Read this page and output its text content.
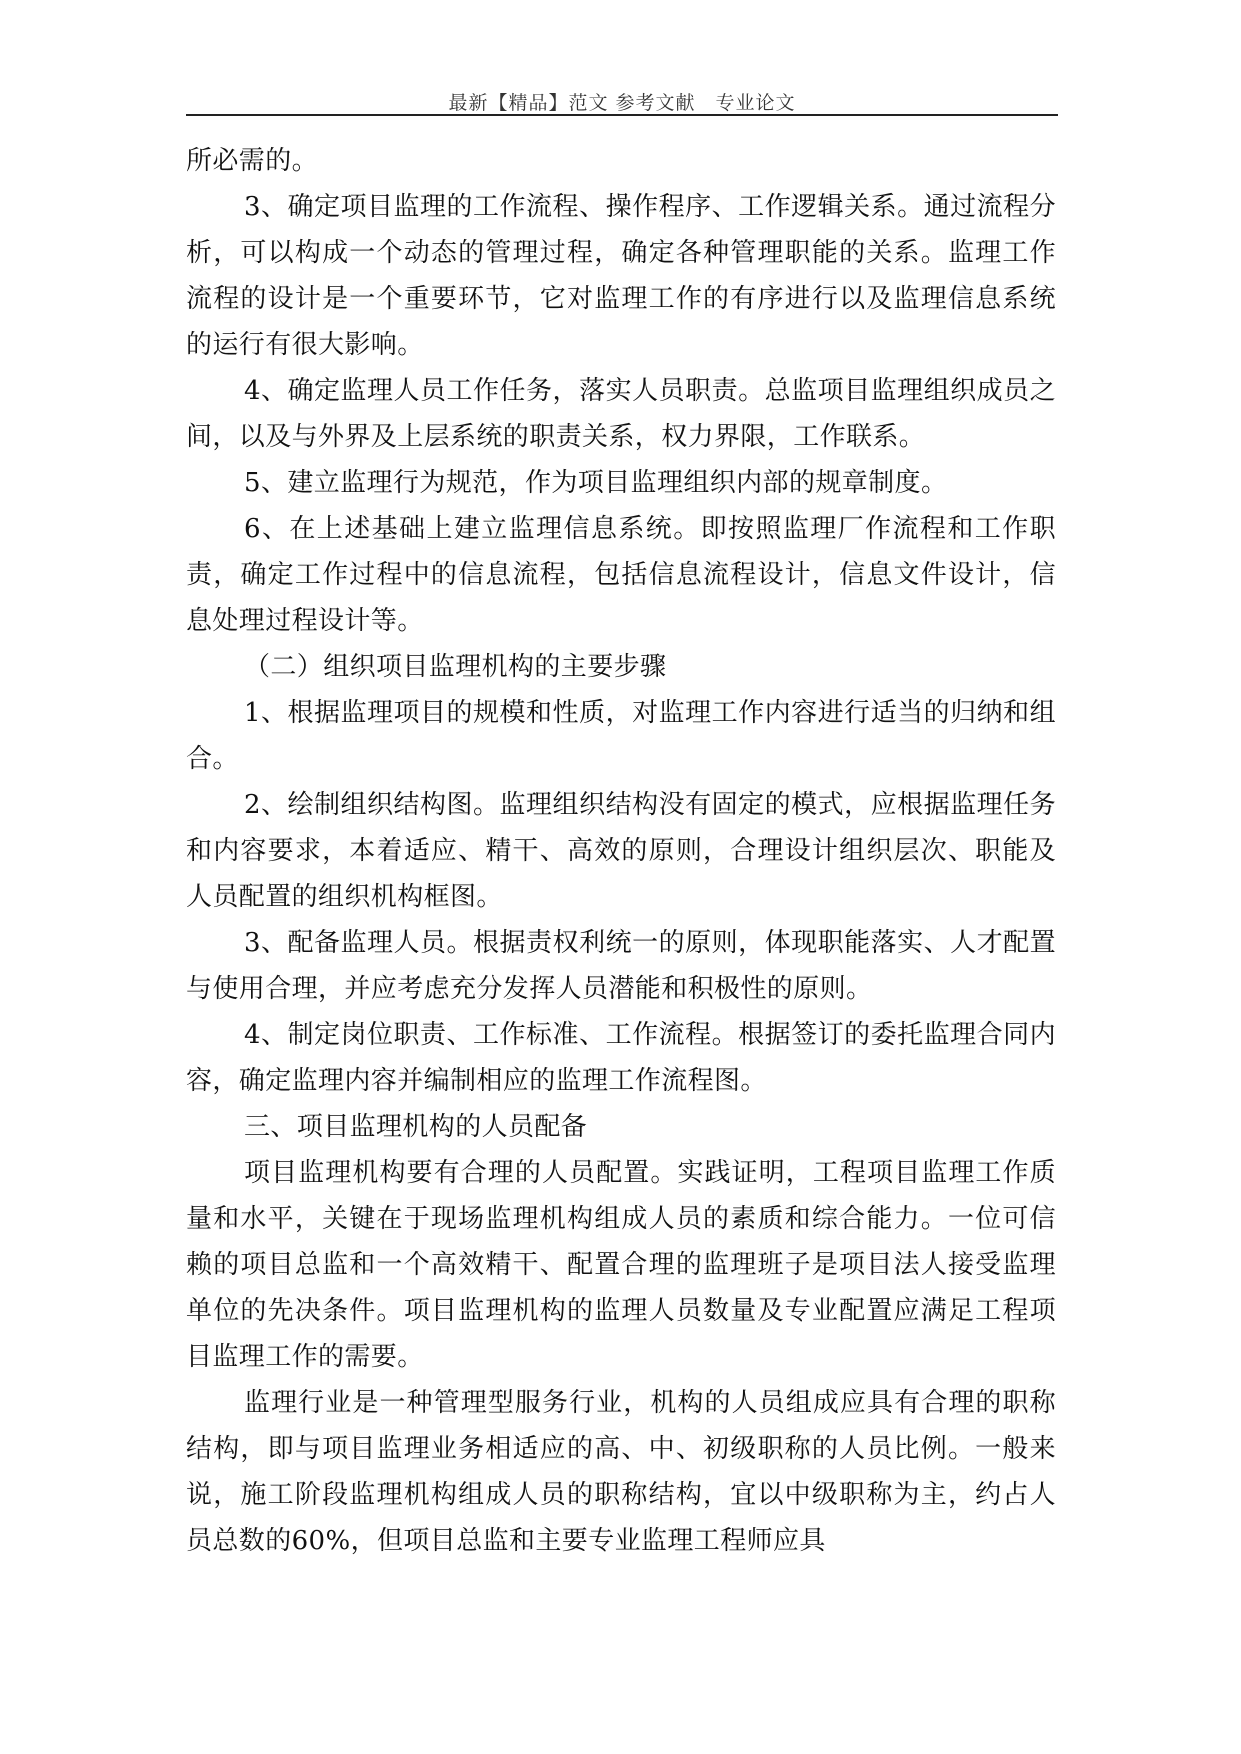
最新【精品】范文 参考文献　专业论文

所必需的。

3、确定项目监理的工作流程、操作程序、工作逻辑关系。通过流程分析，可以构成一个动态的管理过程，确定各种管理职能的关系。监理工作流程的设计是一个重要环节，它对监理工作的有序进行以及监理信息系统的运行有很大影响。

4、确定监理人员工作任务，落实人员职责。总监项目监理组织成员之间，以及与外界及上层系统的职责关系，权力界限，工作联系。

5、建立监理行为规范，作为项目监理组织内部的规章制度。

6、在上述基础上建立监理信息系统。即按照监理厂作流程和工作职责，确定工作过程中的信息流程，包括信息流程设计，信息文件设计，信息处理过程设计等。

（二）组织项目监理机构的主要步骤

1、根据监理项目的规模和性质，对监理工作内容进行适当的归纳和组合。

2、绘制组织结构图。监理组织结构没有固定的模式，应根据监理任务和内容要求，本着适应、精干、高效的原则，合理设计组织层次、职能及人员配置的组织机构框图。

3、配备监理人员。根据责权利统一的原则，体现职能落实、人才配置与使用合理，并应考虑充分发挥人员潜能和积极性的原则。

4、制定岗位职责、工作标准、工作流程。根据签订的委托监理合同内容，确定监理内容并编制相应的监理工作流程图。

三、项目监理机构的人员配备

项目监理机构要有合理的人员配置。实践证明，工程项目监理工作质量和水平，关键在于现场监理机构组成人员的素质和综合能力。一位可信赖的项目总监和一个高效精干、配置合理的监理班子是项目法人接受监理单位的先决条件。项目监理机构的监理人员数量及专业配置应满足工程项目监理工作的需要。

监理行业是一种管理型服务行业，机构的人员组成应具有合理的职称结构，即与项目监理业务相适应的高、中、初级职称的人员比例。一般来说，施工阶段监理机构组成人员的职称结构，宜以中级职称为主，约占人员总数的60%，但项目总监和主要专业监理工程师应具
